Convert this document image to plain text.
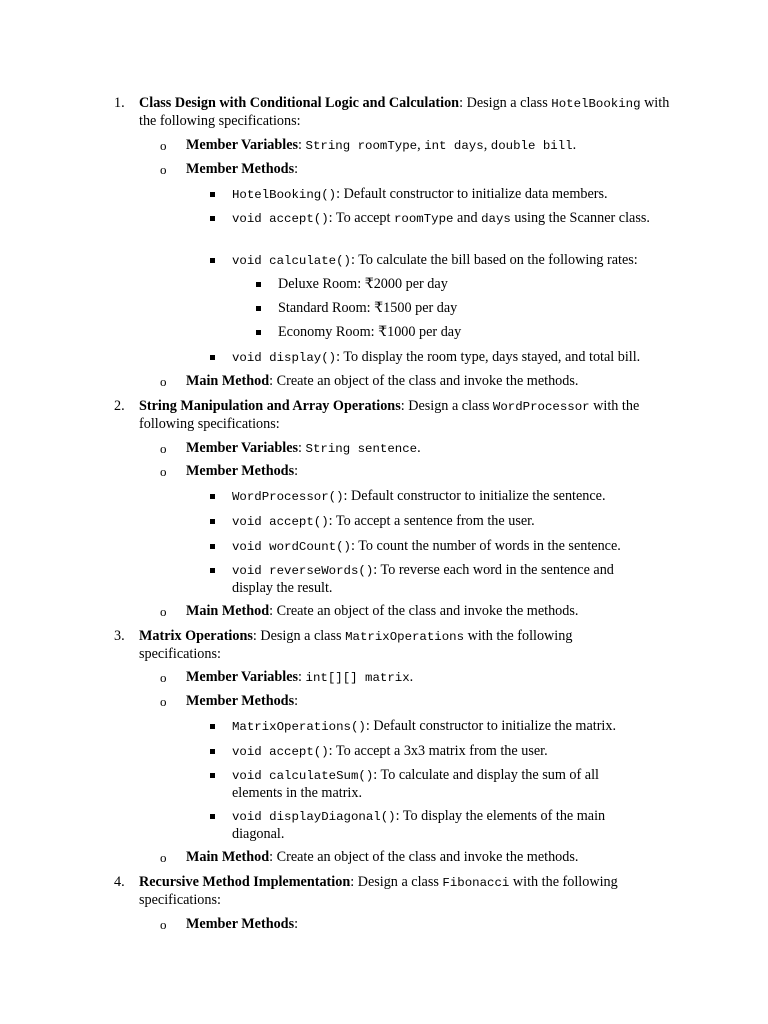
1. Class Design with Conditional Logic and Calculation: Design a class HotelBooking with the following specifications:
o Member Variables: String roomType, int days, double bill.
o Member Methods:
HotelBooking(): Default constructor to initialize data members.
void accept(): To accept roomType and days using the Scanner class.
void calculate(): To calculate the bill based on the following rates:
Deluxe Room: ₹2000 per day
Standard Room: ₹1500 per day
Economy Room: ₹1000 per day
void display(): To display the room type, days stayed, and total bill.
o Main Method: Create an object of the class and invoke the methods.
2. String Manipulation and Array Operations: Design a class WordProcessor with the following specifications:
o Member Variables: String sentence.
o Member Methods:
WordProcessor(): Default constructor to initialize the sentence.
void accept(): To accept a sentence from the user.
void wordCount(): To count the number of words in the sentence.
void reverseWords(): To reverse each word in the sentence and display the result.
o Main Method: Create an object of the class and invoke the methods.
3. Matrix Operations: Design a class MatrixOperations with the following specifications:
o Member Variables: int[][] matrix.
o Member Methods:
MatrixOperations(): Default constructor to initialize the matrix.
void accept(): To accept a 3x3 matrix from the user.
void calculateSum(): To calculate and display the sum of all elements in the matrix.
void displayDiagonal(): To display the elements of the main diagonal.
o Main Method: Create an object of the class and invoke the methods.
4. Recursive Method Implementation: Design a class Fibonacci with the following specifications:
o Member Methods:
